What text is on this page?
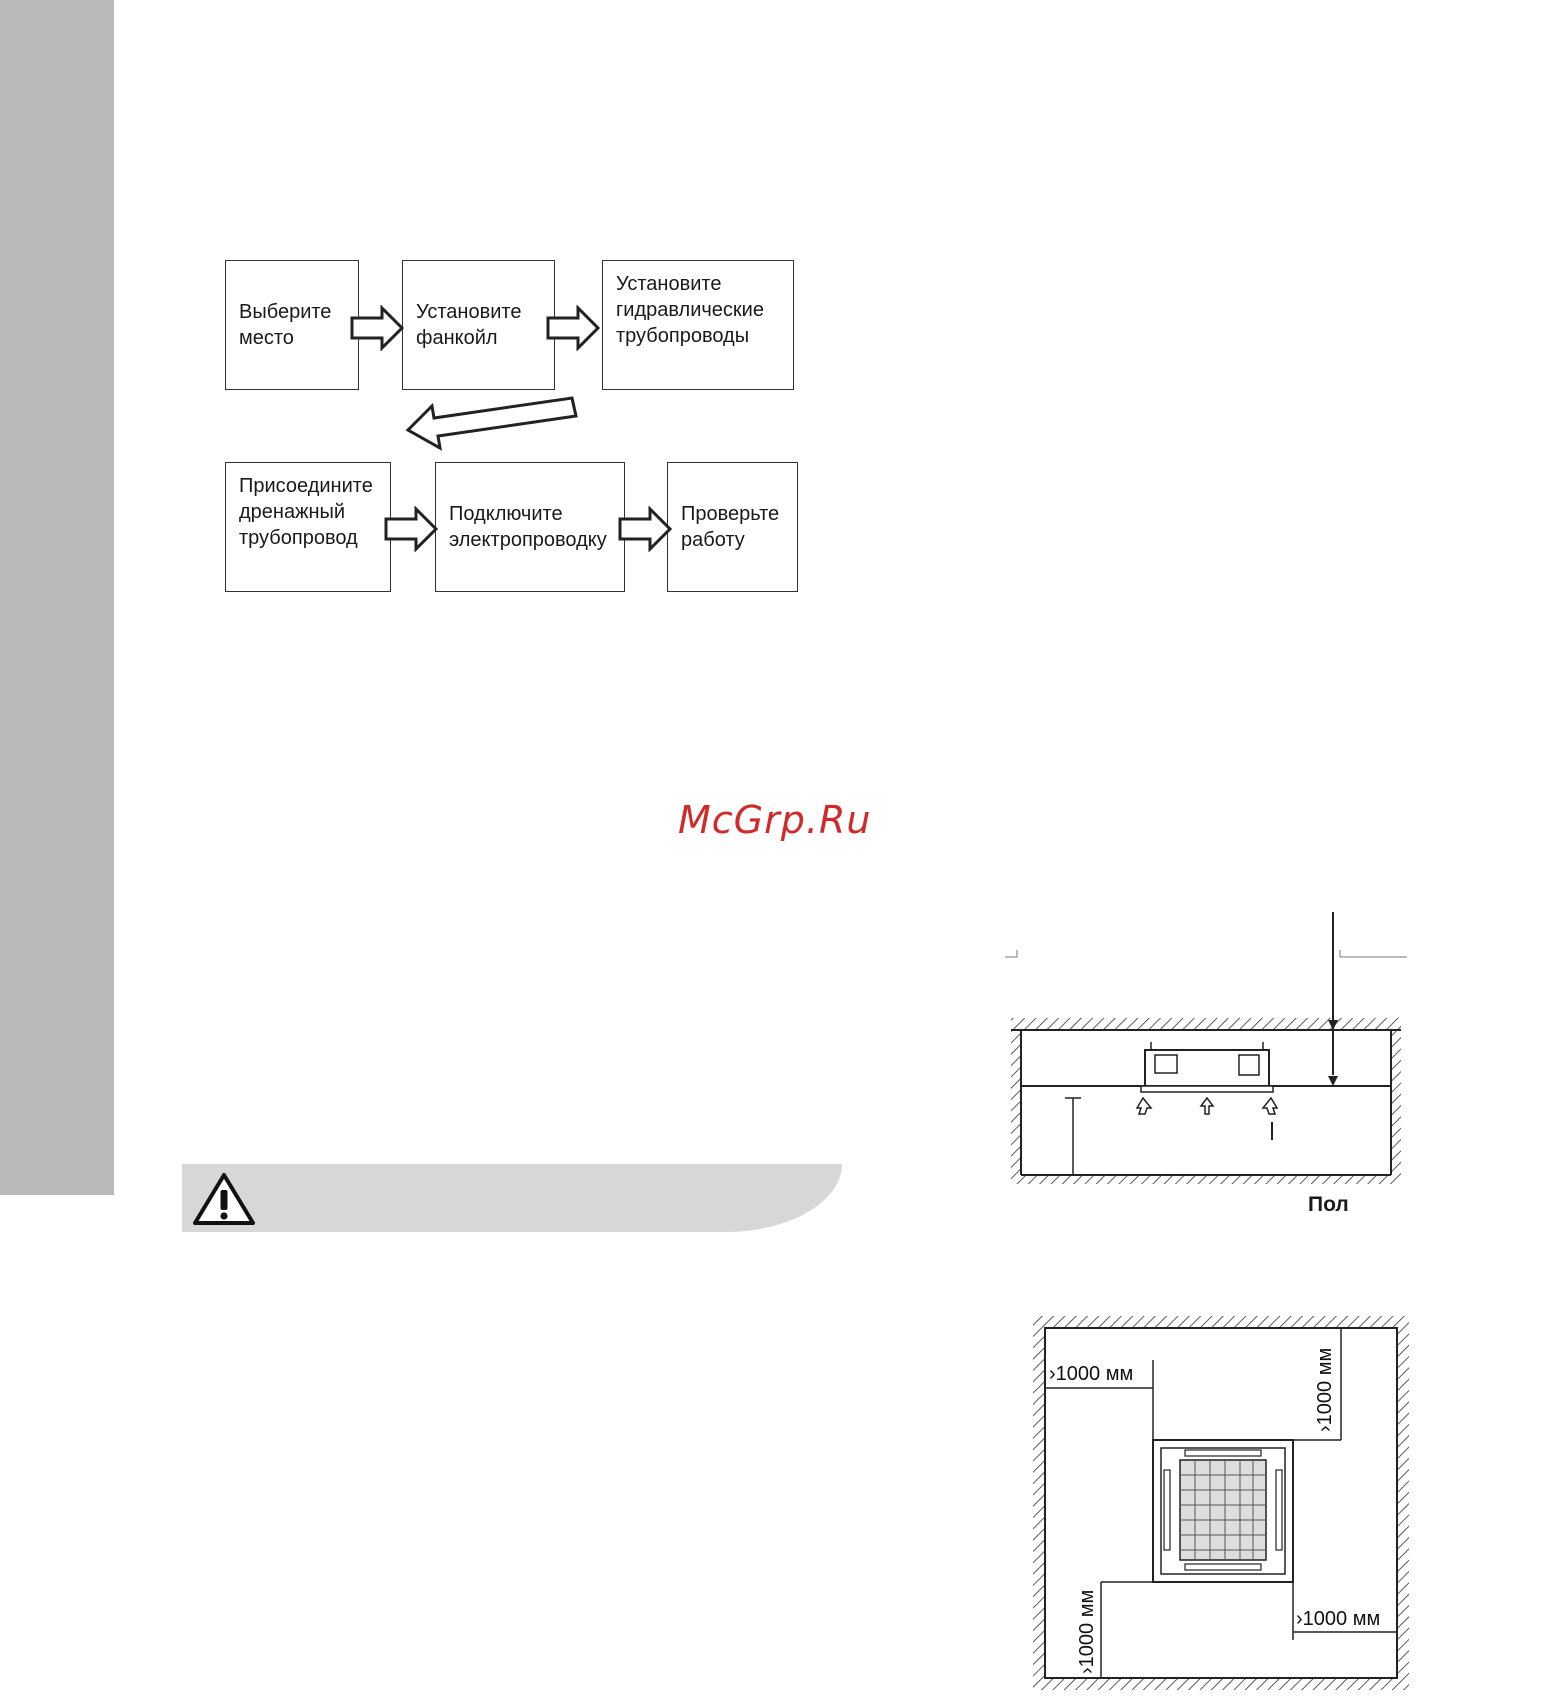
Выберите
место
Установите
фанкойл
Установите
гидравлические
трубопроводы
Присоедините
дренажный
трубопровод
Подключите
электропроводку
Проверьте
работу
McGrp.Ru
Пол
›1000 мм	›1000 мм
›1000 мм	›1000 мм
